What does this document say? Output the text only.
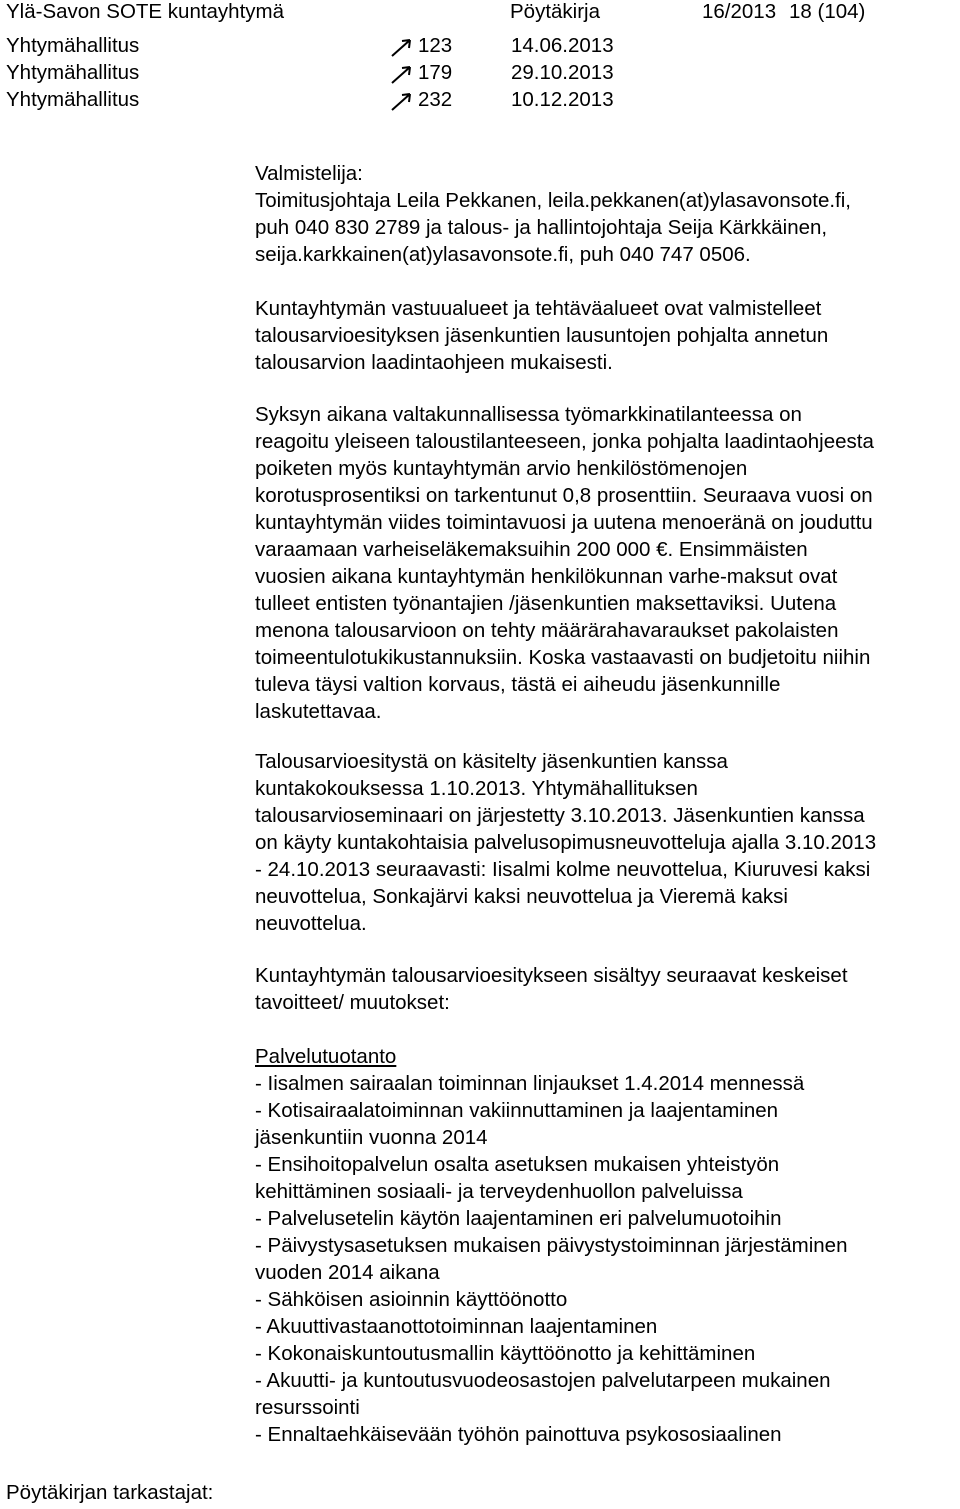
Ylä-Savon SOTE kuntayhtymä	Pöytäkirja	16/2013 18 (104)
Yhtymähallitus	123	14.06.2013
Yhtymähallitus	179	29.10.2013
Yhtymähallitus	232	10.12.2013

Valmistelija:

Toimitusjohtaja Leila Pekkanen, leila.pekkanen(at)ylasavonsote.fi,

puh 040 830 2789 ja talous- ja hallintojohtaja Seija Kärkkäinen,

seija.karkkainen(at)ylasavonsote.fi, puh 040 747 0506.

Kuntayhtymän vastuualueet ja tehtäväalueet ovat valmistelleet

talousarvioesityksen jäsenkuntien lausuntojen pohjalta annetun

talousarvion laadintaohjeen mukaisesti.

Syksyn aikana valtakunnallisessa työmarkkinatilanteessa on

reagoitu yleiseen taloustilanteeseen, jonka pohjalta laadintaohjeesta

poiketen myös kuntayhtymän arvio henkilöstömenojen

korotusprosentiksi on tarkentunut 0,8 prosenttiin. Seuraava vuosi on

kuntayhtymän viides toimintavuosi ja uutena menoeränä on jouduttu

varaamaan varheiseläkemaksuihin 200 000 €. Ensimmäisten

vuosien aikana kuntayhtymän henkilökunnan varhe-maksut ovat

tulleet entisten työnantajien /jäsenkuntien maksettaviksi. Uutena

menona talousarvioon on tehty määrärahavaraukset pakolaisten

toimeentulotukikustannuksiin. Koska vastaavasti on budjetoitu niihin

tuleva täysi valtion korvaus, tästä ei aiheudu jäsenkunnille

laskutettavaa.

Talousarvioesitystä on käsitelty jäsenkuntien kanssa

kuntakokouksessa 1.10.2013. Yhtymähallituksen

talousarvioseminaari on järjestetty 3.10.2013. Jäsenkuntien kanssa

on käyty kuntakohtaisia palvelusopimusneuvotteluja ajalla 3.10.2013

- 24.10.2013 seuraavasti: Iisalmi kolme neuvottelua, Kiuruvesi kaksi

neuvottelua, Sonkajärvi kaksi neuvottelua ja Vieremä kaksi

neuvottelua.

Kuntayhtymän talousarvioesitykseen sisältyy seuraavat keskeiset

tavoitteet/ muutokset:

Palvelutuotanto

- Iisalmen sairaalan toiminnan linjaukset 1.4.2014 mennessä

- Kotisairaalatoiminnan vakiinnuttaminen ja laajentaminen

jäsenkuntiin vuonna 2014

- Ensihoitopalvelun osalta asetuksen mukaisen yhteistyön

kehittäminen sosiaali- ja terveydenhuollon palveluissa

- Palvelusetelin käytön laajentaminen eri palvelumuotoihin

- Päivystysasetuksen mukaisen päivystystoiminnan järjestäminen

vuoden 2014 aikana

- Sähköisen asioinnin käyttöönotto

- Akuuttivastaanottotoiminnan laajentaminen

- Kokonaiskuntoutusmallin käyttöönotto ja kehittäminen

- Akuutti- ja kuntoutusvuodeosastojen palvelutarpeen mukainen

resurssointi

- Ennaltaehkäisevään työhön painottuva psykososiaalinen

Pöytäkirjan tarkastajat:
